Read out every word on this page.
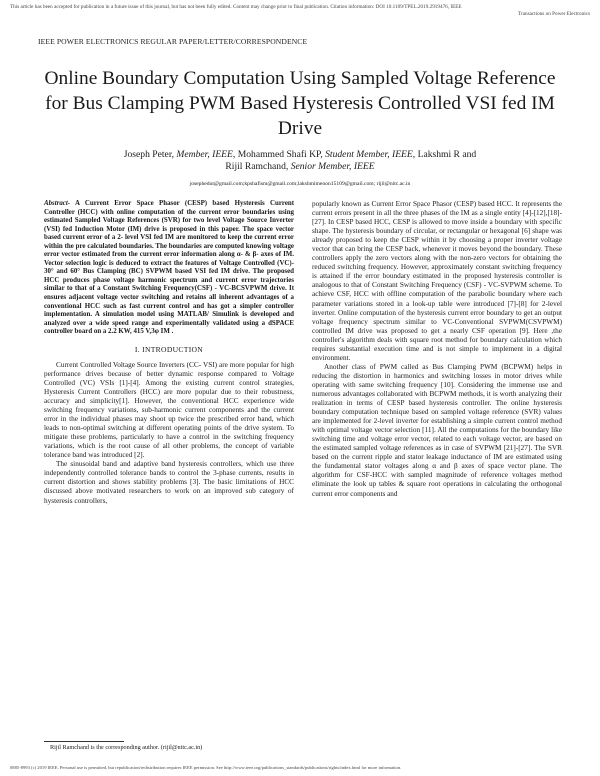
This article has been accepted for publication in a future issue of this journal, but has not been fully edited. Content may change prior to final publication. Citation information: DOI 10.1109/TPEL.2019.2919476, IEEE
Transactions on Power Electronics
IEEE POWER ELECTRONICS REGULAR PAPER/LETTER/CORRESPONDENCE
Online Boundary Computation Using Sampled Voltage Reference for Bus Clamping PWM Based Hysteresis Controlled VSI fed IM Drive
Joseph Peter, Member, IEEE, Mohammed Shafi KP, Student Member, IEEE, Lakshmi R and
Rijil Ramchand, Senior Member, IEEE
josephedut@gmail.com;kpshafism@gmail.com;lakshmimenon15109@gmail.com; rijil@nitc.ac.in
Abstract- A Current Error Space Phasor (CESP) based Hysteresis Current Controller (HCC) with online computation of the current error boundaries using estimated Sampled Voltage References (SVR) for two level Voltage Source Inverter (VSI) fed Induction Motor (IM) drive is proposed in this paper. The space vector based current error of a 2- level VSI fed IM are monitored to keep the current error within the pre calculated boundaries. The boundaries are computed knowing voltage error vector estimated from the current error information along α- & β- axes of IM. Vector selection logic is deduced to extract the features of Voltage Controlled (VC)- 30° and 60° Bus Clamping (BC) SVPWM based VSI fed IM drive. The proposed HCC produces phase voltage harmonic spectrum and current error trajectories similar to that of a Constant Switching Frequency(CSF) - VC-BCSVPWM drive. It ensures adjacent voltage vector switching and retains all inherent advantages of a conventional HCC such as fast current control and has got a simpler controller implementation. A simulation model using MATLAB/ Simulink is developed and analyzed over a wide speed range and experimentally validated using a dSPACE controller board on a 2.2 KW, 415 V,3φ IM .
I. INTRODUCTION

Current Controlled Voltage Source Inverters (CC- VSI) are more popular for high performance drives because of better dynamic response compared to Voltage Controlled (VC) VSIs [1]-[4]. Among the existing current control strategies, Hysteresis Current Controllers (HCC) are more popular due to their robustness, accuracy and simplicity[1]. However, the conventional HCC experience wide switching frequency variations, sub-harmonic current components and the current error in the individual phases may shoot up twice the prescribed error band, which leads to non-optimal switching at different operating points of the drive system. To mitigate these problems, particularly to have a control in the switching frequency variations, which is the root cause of all other problems, the concept of variable tolerance band was introduced [2].

The sinusoidal band and adaptive band hysteresis controllers, which use three independently controlled tolerance bands to control the 3-phase currents, results in current distortion and shows stability problems [3]. The basic limitations of HCC discussed above motivated researchers to work on an improved sub category of hysteresis controllers,

popularly known as Current Error Space Phasor (CESP) based HCC. It represents the current errors present in all the three phases of the IM as a single entity [4]-[12],[18]-[27]. In CESP based HCC, CESP is allowed to move inside a boundary with specific shape. The hysteresis boundary of circular, or rectangular or hexagonal [6] shape was already proposed to keep the CESP within it by choosing a proper inverter voltage vector that can bring the CESP back, whenever it moves beyond the boundary. These controllers apply the zero vectors along with the non-zero vectors for obtaining the reduced switching frequency. However, approximately constant switching frequency is attained if the error boundary estimated in the proposed hysteresis controller is analogous to that of Constant Switching Frequency (CSF) - VC-SVPWM scheme. To achieve CSF, HCC with offline computation of the parabolic boundary where each parameter variations stored in a look-up table were introduced [7]-[8] for 2-level inverter. Online computation of the hysteresis current error boundary to get an output voltage frequency spectrum similar to VC-Conventional SVPWM(CSVPWM) controlled IM drive was proposed to get a nearly CSF operation [9]. Here ,the controller's algorithm deals with square root method for boundary calculation which requires substantial execution time and is not simple to implement in a digital environment.

Another class of PWM called as Bus Clamping PWM (BCPWM) helps in reducing the distortion in harmonics and switching losses in motor drives while operating with same switching frequency [10]. Considering the immense use and numerous advantages collaborated with BCPWM methods, it is worth analyzing their realization in terms of CESP based hysteresis controller. The online hysteresis boundary computation technique based on sampled voltage reference (SVR) values are implemented for 2-level inverter for establishing a simple current control method with optimal voltage vector selection [11]. All the computations for the boundary like switching time and voltage error vector, related to each voltage vector, are based on the estimated sampled voltage references as in case of SVPWM [21]-[27]. The SVR based on the current ripple and stator leakage inductance of IM are estimated using the fundamental stator voltages along α and β axes of space vector plane. The algorithm for CSF-HCC with sampled magnitude of reference voltages method eliminate the look up tables & square root operations in calculating the orthogonal current error components and

Rijil Ramchand is the corresponding author. (rijil@nitc.ac.in)
0885-8993 (c) 2019 IEEE. Personal use is permitted, but republication/redistribution requires IEEE permission. See http://www.ieee.org/publications_standards/publications/rights/index.html for more information.
